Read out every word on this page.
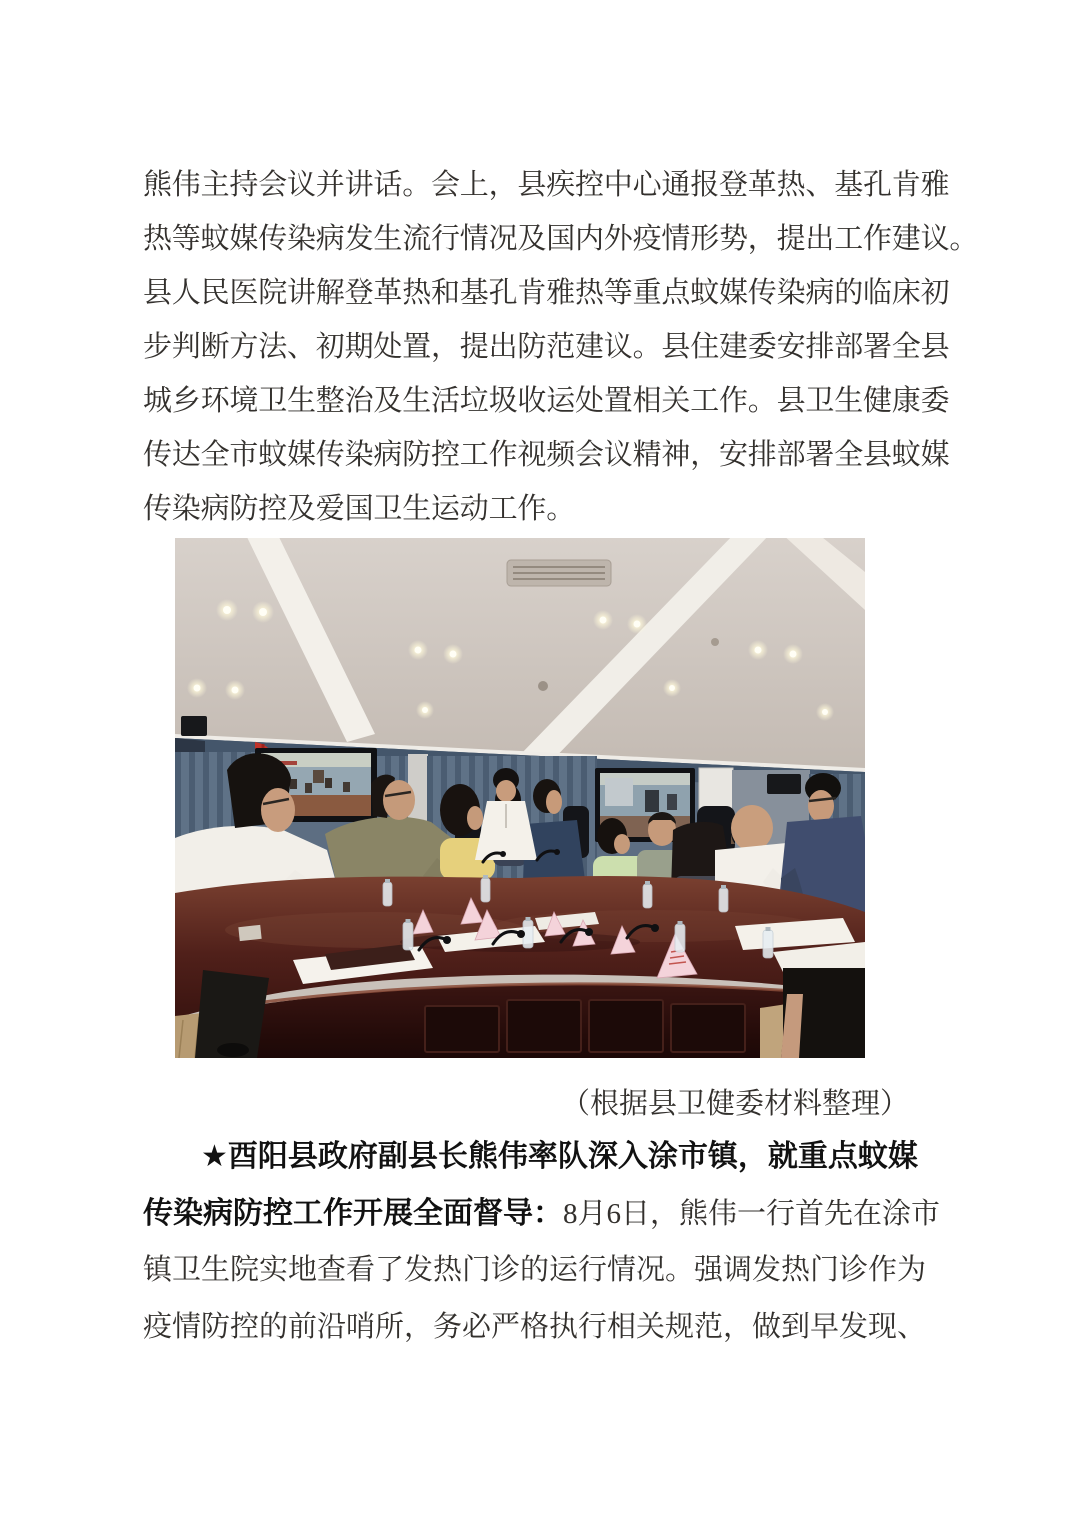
熊伟主持会议并讲话。会上，县疾控中心通报登革热、基孔肯雅
热等蚊媒传染病发生流行情况及国内外疫情形势，提出工作建议。
县人民医院讲解登革热和基孔肯雅热等重点蚊媒传染病的临床初
步判断方法、初期处置，提出防范建议。县住建委安排部署全县
城乡环境卫生整治及生活垃圾收运处置相关工作。县卫生健康委
传达全市蚊媒传染病防控工作视频会议精神，安排部署全县蚊媒
传染病防控及爱国卫生运动工作。
（根据县卫健委材料整理）
★酉阳县政府副县长熊伟率队深入涂市镇，就重点蚊媒
传染病防控工作开展全面督导：8月6日，熊伟一行首先在涂市
镇卫生院实地查看了发热门诊的运行情况。强调发热门诊作为
疫情防控的前沿哨所，务必严格执行相关规范，做到早发现、
